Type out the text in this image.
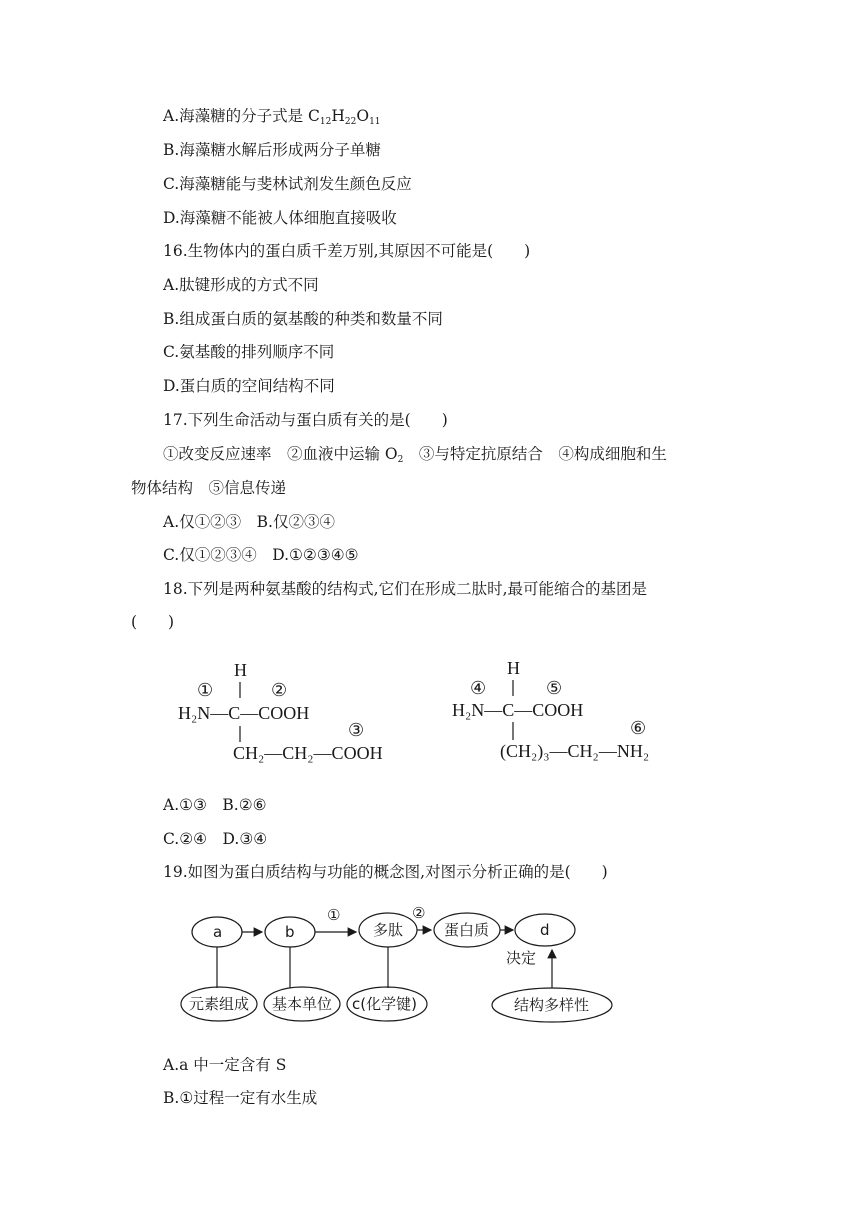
A.海藻糖的分子式是 $C_{12}H_{22}O_{11}$
B.海藻糖水解后形成两分子单糖
C.海藻糖能与斐林试剂发生颜色反应
D.海藻糖不能被人体细胞直接吸收
16.生物体内的蛋白质千差万别,其原因不可能是(　　)
A.肽键形成的方式不同
B.组成蛋白质的氨基酸的种类和数量不同
C.氨基酸的排列顺序不同
D.蛋白质的空间结构不同
17.下列生命活动与蛋白质有关的是(　　)
①改变反应速率　②血液中运输 $O_2$　③与特定抗原结合　④构成细胞和生
物体结构　⑤信息传递
A.仅①②③　B.仅②③④
C.仅①②③④　D.①②③④⑤
18.下列是两种氨基酸的结构式,它们在形成二肽时,最可能缩合的基团是
(　　)
H
①	②
H₂N—C—COOH
③
CH₂—CH₂—COOH
H
④	⑤
H₂N—C—COOH
⑥
(CH₂)₃—CH₂—NH₂
A.①③　B.②⑥
C.②④　D.③④
19.如图为蛋白质结构与功能的概念图,对图示分析正确的是(　　)
a	b	多肽	蛋白质	d
①	②
决定
元素组成 基本单位 c(化学键)	结构多样性
A.a 中一定含有 S
B.①过程一定有水生成
